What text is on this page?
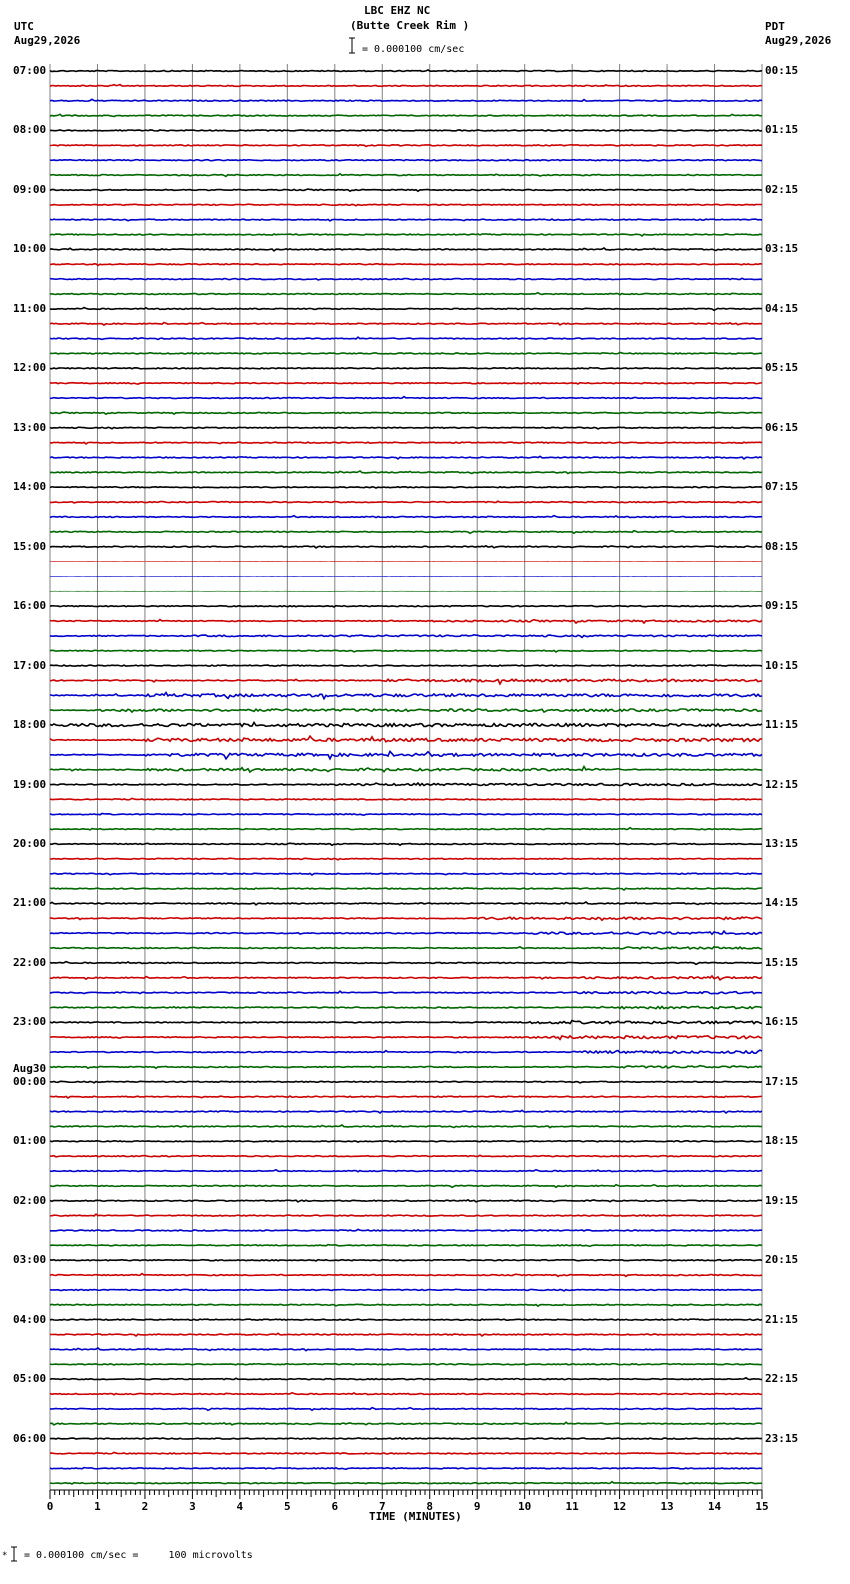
LBC EHZ NC
(Butte Creek Rim )
= 0.000100 cm/sec
UTC
Aug29,2026
PDT
Aug29,2026
0	1	2	3	4	5	6	7	8	9	10	11	12	13	14	15
07:00
08:00
09:00
10:00
11:00
12:00
13:00
14:00
15:00
16:00
17:00
18:00
19:00
20:00
21:00
22:00
23:00
Aug30
00:00
01:00
02:00
03:00
04:00
05:00
06:00
00:15
01:15
02:15
03:15
04:15
05:15
06:15
07:15
08:15
09:15
10:15
11:15
12:15
13:15
14:15
15:15
16:15
17:15
18:15
19:15
20:15
21:15
22:15
23:15
TIME (MINUTES)
* = 0.000100 cm/sec =     100 microvolts
